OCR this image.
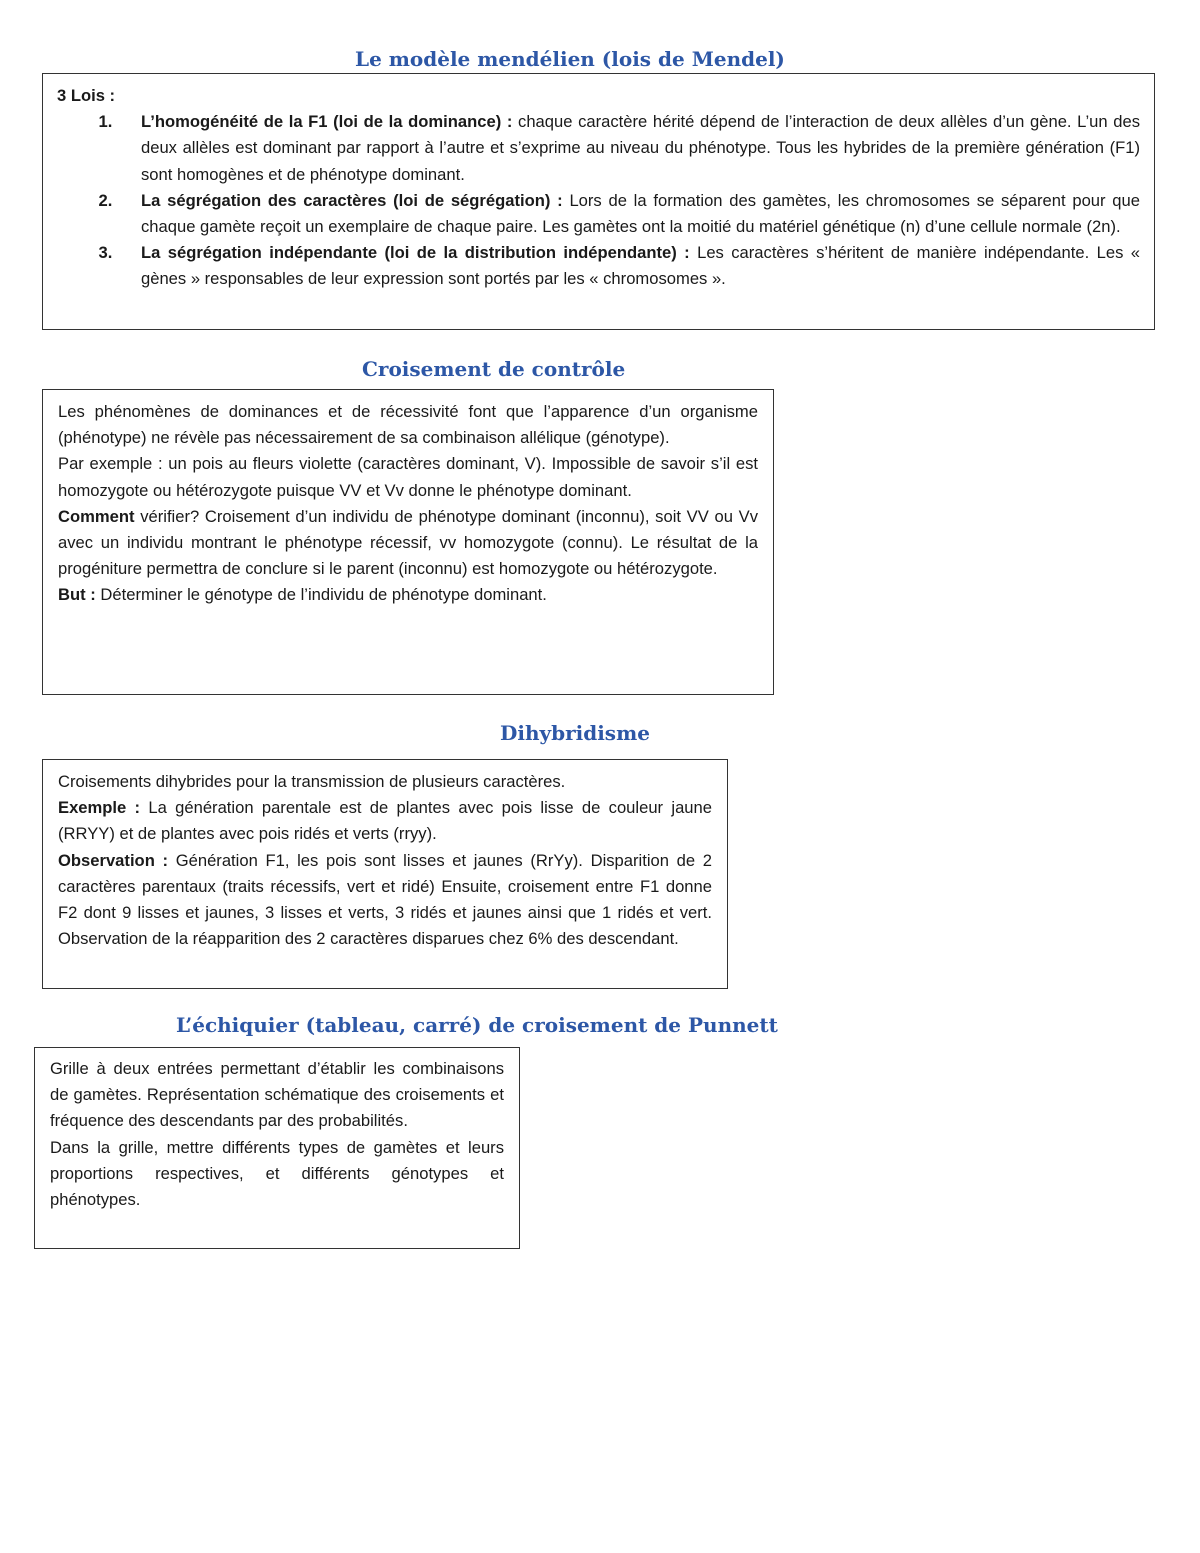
Le modèle mendélien (lois de Mendel)

3 Lois :

1. L’homogénéité de la F1 (loi de la dominance) : chaque caractère hérité dépend de l’interaction de deux allèles d’un gène. L’un des deux allèles est dominant par rapport à l’autre et s’exprime au niveau du phénotype. Tous les hybrides de la première génération (F1) sont homogènes et de phénotype dominant.
2. La ségrégation des caractères (loi de ségrégation) : Lors de la formation des gamètes, les chromosomes se séparent pour que chaque gamète reçoit un exemplaire de chaque paire. Les gamètes ont la moitié du matériel génétique (n) d’une cellule normale (2n).
3. La ségrégation indépendante (loi de la distribution indépendante) : Les caractères s’héritent de manière indépendante. Les « gènes » responsables de leur expression sont portés par les « chromosomes ».
Croisement de contrôle

Les phénomènes de dominances et de récessivité font que l’apparence d’un organisme (phénotype) ne révèle pas nécessairement de sa combinaison allélique (génotype).

Par exemple : un pois au fleurs violette (caractères dominant, V). Impossible de savoir s’il est homozygote ou hétérozygote puisque VV et Vv donne le phénotype dominant.

Comment vérifier? Croisement d’un individu de phénotype dominant (inconnu), soit VV ou Vv avec un individu montrant le phénotype récessif, vv homozygote (connu). Le résultat de la progéniture permettra de conclure si le parent (inconnu) est homozygote ou hétérozygote.

But : Déterminer le génotype de l’individu de phénotype dominant.

Dihybridisme

Croisements dihybrides pour la transmission de plusieurs caractères.

Exemple : La génération parentale est de plantes avec pois lisse de couleur jaune (RRYY) et de plantes avec pois ridés et verts (rryy).

Observation : Génération F1, les pois sont lisses et jaunes (RrYy). Disparition de 2 caractères parentaux (traits récessifs, vert et ridé) Ensuite, croisement entre F1 donne F2 dont 9 lisses et jaunes, 3 lisses et verts, 3 ridés et jaunes ainsi que 1 ridés et vert. Observation de la réapparition des 2 caractères disparues chez 6% des descendant.

L’échiquier (tableau, carré) de croisement de Punnett

Grille à deux entrées permettant d’établir les combinaisons de gamètes. Représentation schématique des croisements et fréquence des descendants par des probabilités.

Dans la grille, mettre différents types de gamètes et leurs proportions respectives, et différents génotypes et phénotypes.
